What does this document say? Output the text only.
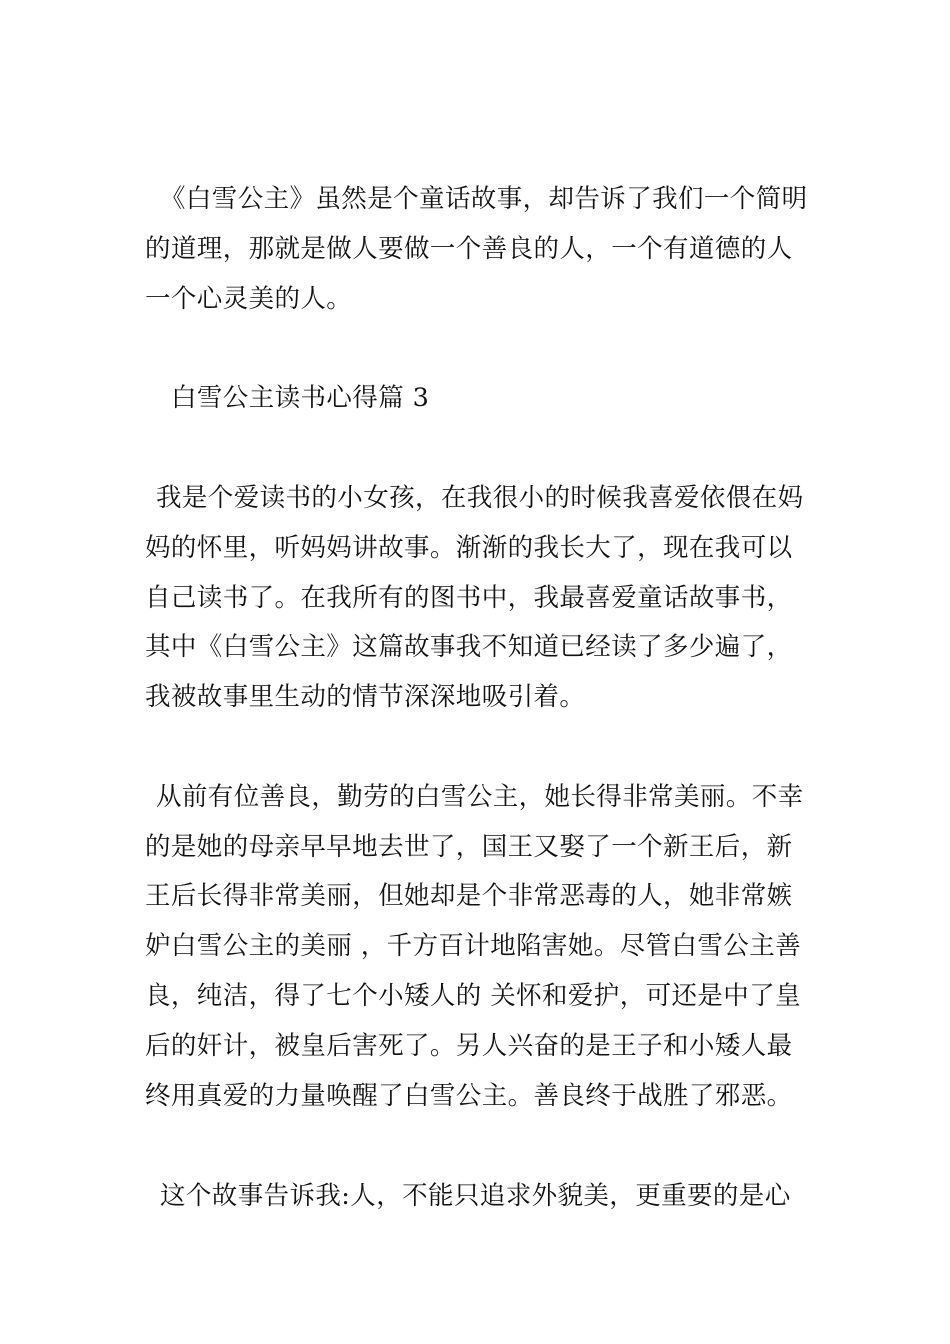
《白雪公主》虽然是个童话故事，却告诉了我们一个简明
的道理，那就是做人要做一个善良的人，一个有道德的人
一个心灵美的人。
白雪公主读书心得篇 3
我是个爱读书的小女孩，在我很小的时候我喜爱依偎在妈
妈的怀里，听妈妈讲故事。渐渐的我长大了，现在我可以
自己读书了。在我所有的图书中，我最喜爱童话故事书，
其中《白雪公主》这篇故事我不知道已经读了多少遍了，
我被故事里生动的情节深深地吸引着。
从前有位善良，勤劳的白雪公主，她长得非常美丽。不幸
的是她的母亲早早地去世了，国王又娶了一个新王后，新
王后长得非常美丽，但她却是个非常恶毒的人，她非常嫉
妒白雪公主的美丽 ，千方百计地陷害她。尽管白雪公主善
良，纯洁，得了七个小矮人的 关怀和爱护，可还是中了皇
后的奸计，被皇后害死了。另人兴奋的是王子和小矮人最
终用真爱的力量唤醒了白雪公主。善良终于战胜了邪恶。
这个故事告诉我:人，不能只追求外貌美，更重要的是心
